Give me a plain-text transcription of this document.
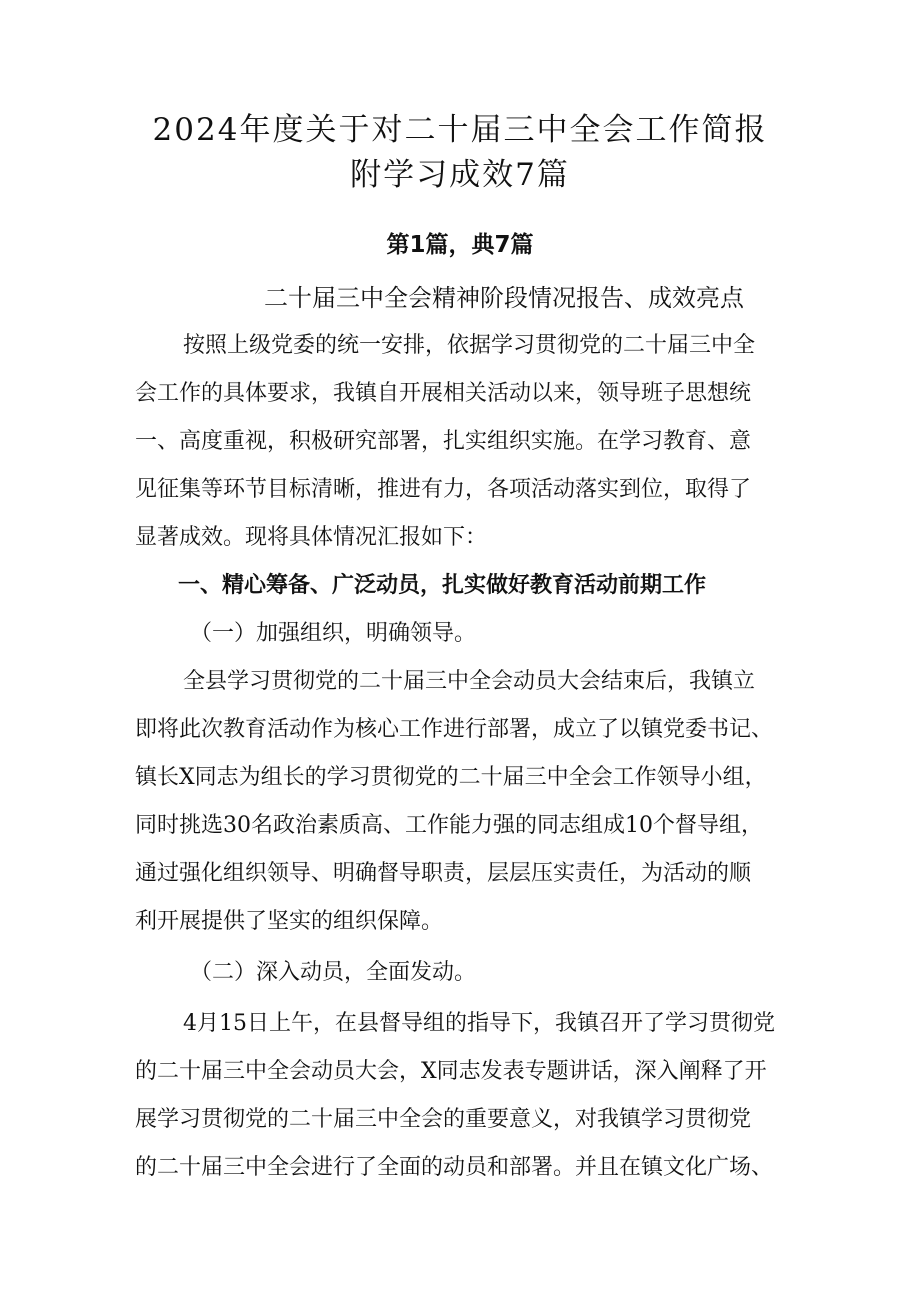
2024年度关于对二十届三中全会工作简报
附学习成效7篇
第1篇，典7篇
二十届三中全会精神阶段情况报告、成效亮点
按照上级党委的统一安排，依据学习贯彻党的二十届三中全
会工作的具体要求，我镇自开展相关活动以来，领导班子思想统
一、高度重视，积极研究部署，扎实组织实施。在学习教育、意
见征集等环节目标清晰，推进有力，各项活动落实到位，取得了
显著成效。现将具体情况汇报如下：
一、精心筹备、广泛动员，扎实做好教育活动前期工作
（一）加强组织，明确领导。
全县学习贯彻党的二十届三中全会动员大会结束后，我镇立
即将此次教育活动作为核心工作进行部署，成立了以镇党委书记、
镇长X同志为组长的学习贯彻党的二十届三中全会工作领导小组，
同时挑选30名政治素质高、工作能力强的同志组成10个督导组，
通过强化组织领导、明确督导职责，层层压实责任，为活动的顺
利开展提供了坚实的组织保障。
（二）深入动员，全面发动。
4月15日上午，在县督导组的指导下，我镇召开了学习贯彻党
的二十届三中全会动员大会，X同志发表专题讲话，深入阐释了开
展学习贯彻党的二十届三中全会的重要意义，对我镇学习贯彻党
的二十届三中全会进行了全面的动员和部署。并且在镇文化广场、
